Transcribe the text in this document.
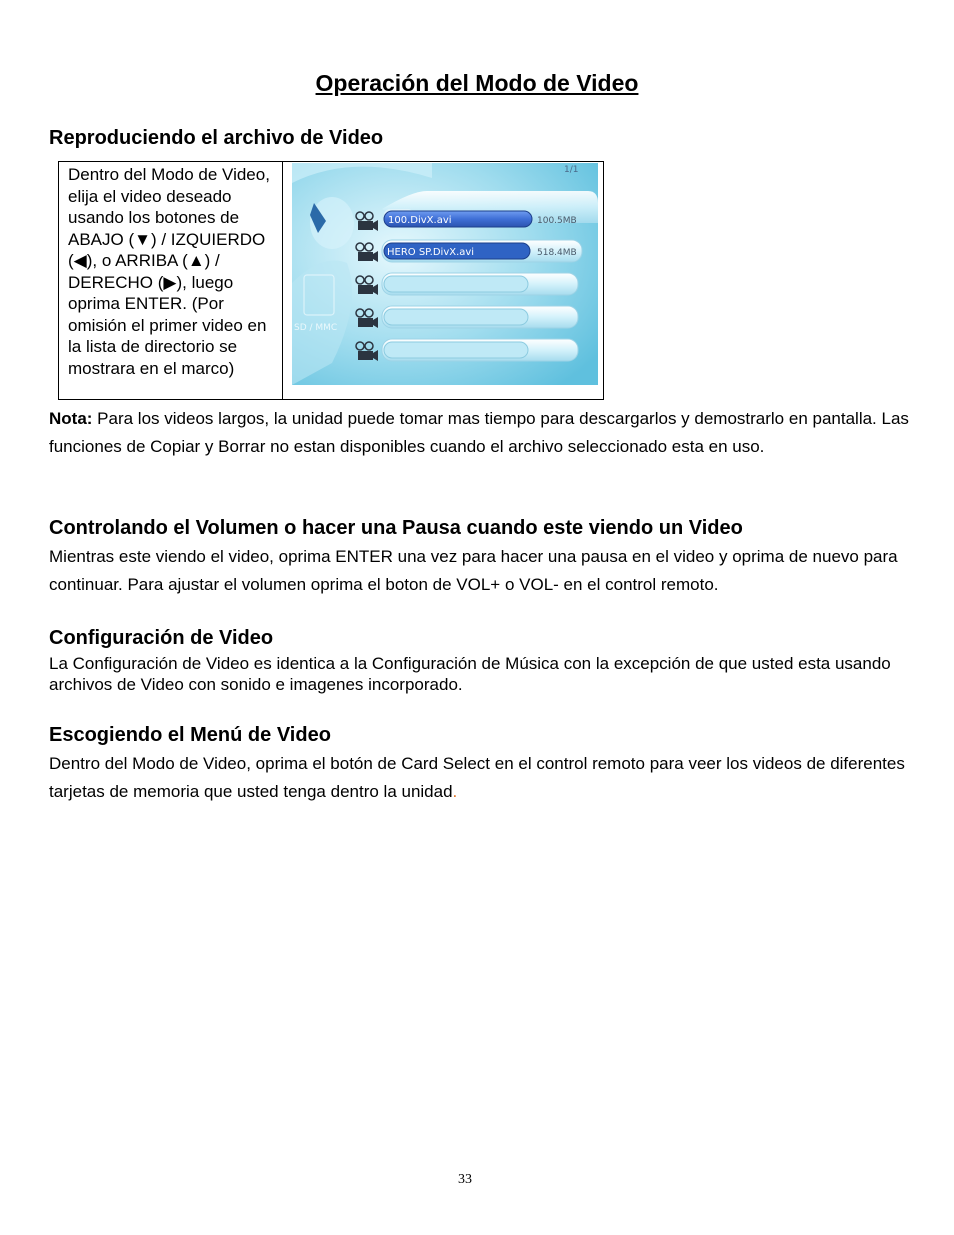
Operación del Modo de Video
Reproduciendo el archivo de Video
Dentro del Modo de Video, elija el video deseado usando los botones de ABAJO (▼) / IZQUIERDO (◀), o ARRIBA (▲) / DERECHO (▶), luego oprima ENTER. (Por omisión el primer video en la lista de directorio se mostrara en el marco)
SD / MMC
1/1
100.DivX.avi	100.5MB
HERO SP.DivX.avi	518.4MB
Nota: Para los videos largos, la unidad puede tomar mas tiempo para descargarlos y demostrarlo en pantalla. Las funciones de Copiar y Borrar no estan disponibles cuando el archivo seleccionado esta en uso.
Controlando el Volumen o hacer una Pausa cuando este viendo un Video
Mientras este viendo el video, oprima ENTER una vez para hacer una pausa en el video y oprima de nuevo para continuar. Para ajustar el volumen oprima el boton de VOL+ o VOL- en el control remoto.
Configuración de Video
La Configuración de Video es identica a la Configuración de Música con la excepción de que usted esta usando archivos de Video con sonido e imagenes incorporado.
Escogiendo el Menú de Video
Dentro del Modo de Video, oprima el botón de Card Select en el control remoto para veer los videos de diferentes tarjetas de memoria que usted tenga dentro la unidad.
33
